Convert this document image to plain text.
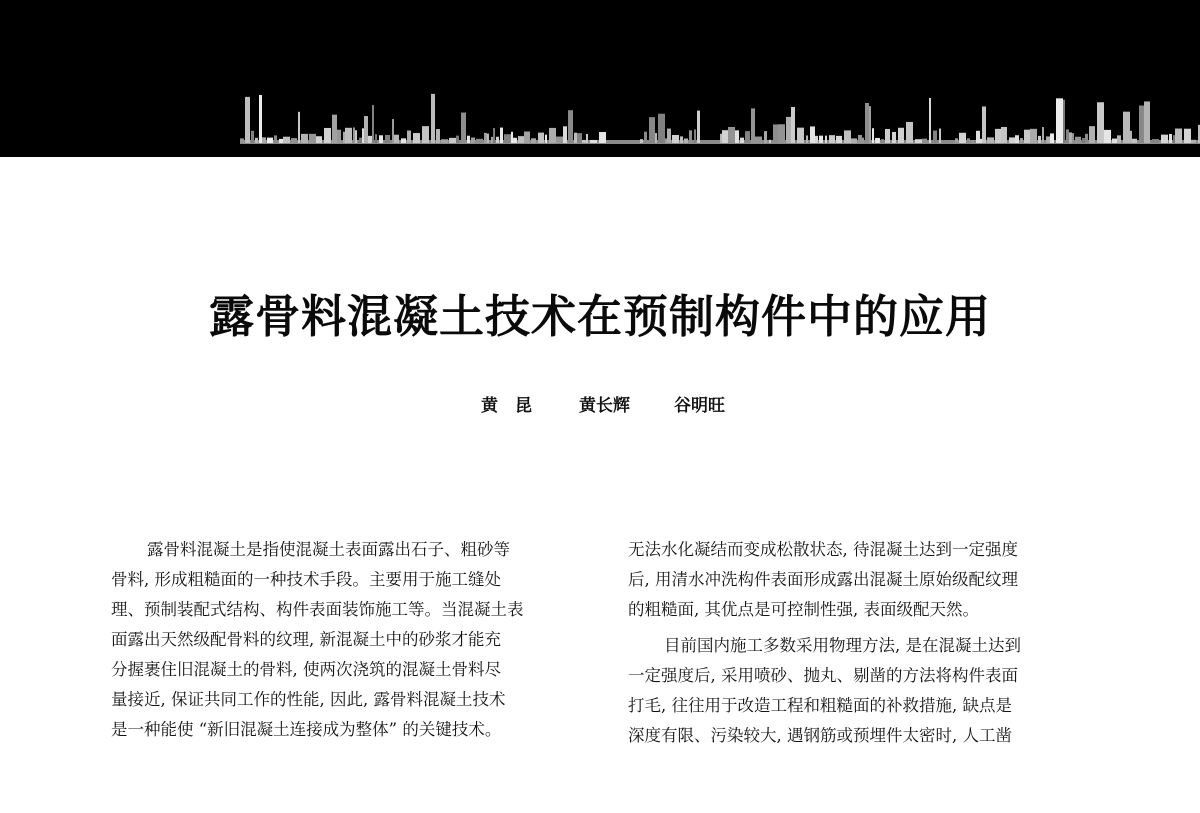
露骨料混凝土技术在预制构件中的应用
黄　昆	黄长辉	谷明旺
露骨料混凝土是指使混凝土表面露出石子、粗砂等
骨料, 形成粗糙面的一种技术手段。主要用于施工缝处
理、预制装配式结构、构件表面装饰施工等。当混凝土表
面露出天然级配骨料的纹理, 新混凝土中的砂浆才能充
分握裹住旧混凝土的骨料, 使两次浇筑的混凝土骨料尽
量接近, 保证共同工作的性能, 因此, 露骨料混凝土技术
是一种能使 “新旧混凝土连接成为整体” 的关键技术。
无法水化凝结而变成松散状态, 待混凝土达到一定强度
后, 用清水冲洗构件表面形成露出混凝土原始级配纹理
的粗糙面, 其优点是可控制性强, 表面级配天然。
目前国内施工多数采用物理方法, 是在混凝土达到
一定强度后, 采用喷砂、抛丸、剔凿的方法将构件表面
打毛, 往往用于改造工程和粗糙面的补救措施, 缺点是
深度有限、污染较大, 遇钢筋或预埋件太密时, 人工凿
